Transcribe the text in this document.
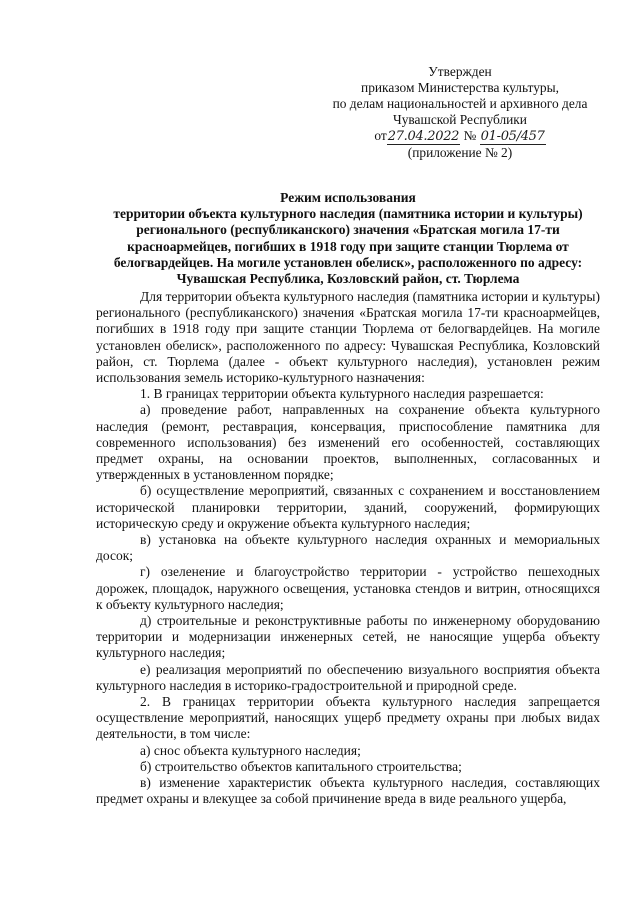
Утвержден
приказом Министерства культуры,
по делам национальностей и архивного дела
Чувашской Республики
от27.04.2022 № 01-05/457
(приложение № 2)
Режим использования
территории объекта культурного наследия (памятника истории и культуры)
регионального (республиканского) значения «Братская могила 17-ти
красноармейцев, погибших в 1918 году при защите станции Тюрлема от
белогвардейцев. На могиле установлен обелиск», расположенного по адресу:
Чувашская Республика, Козловский район, ст. Тюрлема

Для территории объекта культурного наследия (памятника истории и культуры) регионального (республиканского) значения «Братская могила 17-ти красноармейцев, погибших в 1918 году при защите станции Тюрлема от белогвардейцев. На могиле установлен обелиск», расположенного по адресу: Чувашская Республика, Козловский район, ст. Тюрлема (далее - объект культурного наследия), установлен режим использования земель историко-культурного назначения:

1. В границах территории объекта культурного наследия разрешается:

а) проведение работ, направленных на сохранение объекта культурного наследия (ремонт, реставрация, консервация, приспособление памятника для современного использования) без изменений его особенностей, составляющих предмет охраны, на основании проектов, выполненных, согласованных и утвержденных в установленном порядке;

б) осуществление мероприятий, связанных с сохранением и восстановлением исторической планировки территории, зданий, сооружений, формирующих историческую среду и окружение объекта культурного наследия;

в) установка на объекте культурного наследия охранных и мемориальных досок;

г) озеленение и благоустройство территории - устройство пешеходных дорожек, площадок, наружного освещения, установка стендов и витрин, относящихся к объекту культурного наследия;

д) строительные и реконструктивные работы по инженерному оборудованию территории и модернизации инженерных сетей, не наносящие ущерба объекту культурного наследия;

е) реализация мероприятий по обеспечению визуального восприятия объекта культурного наследия в историко-градостроительной и природной среде.

2. В границах территории объекта культурного наследия запрещается осуществление мероприятий, наносящих ущерб предмету охраны при любых видах деятельности, в том числе:

а) снос объекта культурного наследия;

б) строительство объектов капитального строительства;

в) изменение характеристик объекта культурного наследия, составляющих предмет охраны и влекущее за собой причинение вреда в виде реального ущерба,
